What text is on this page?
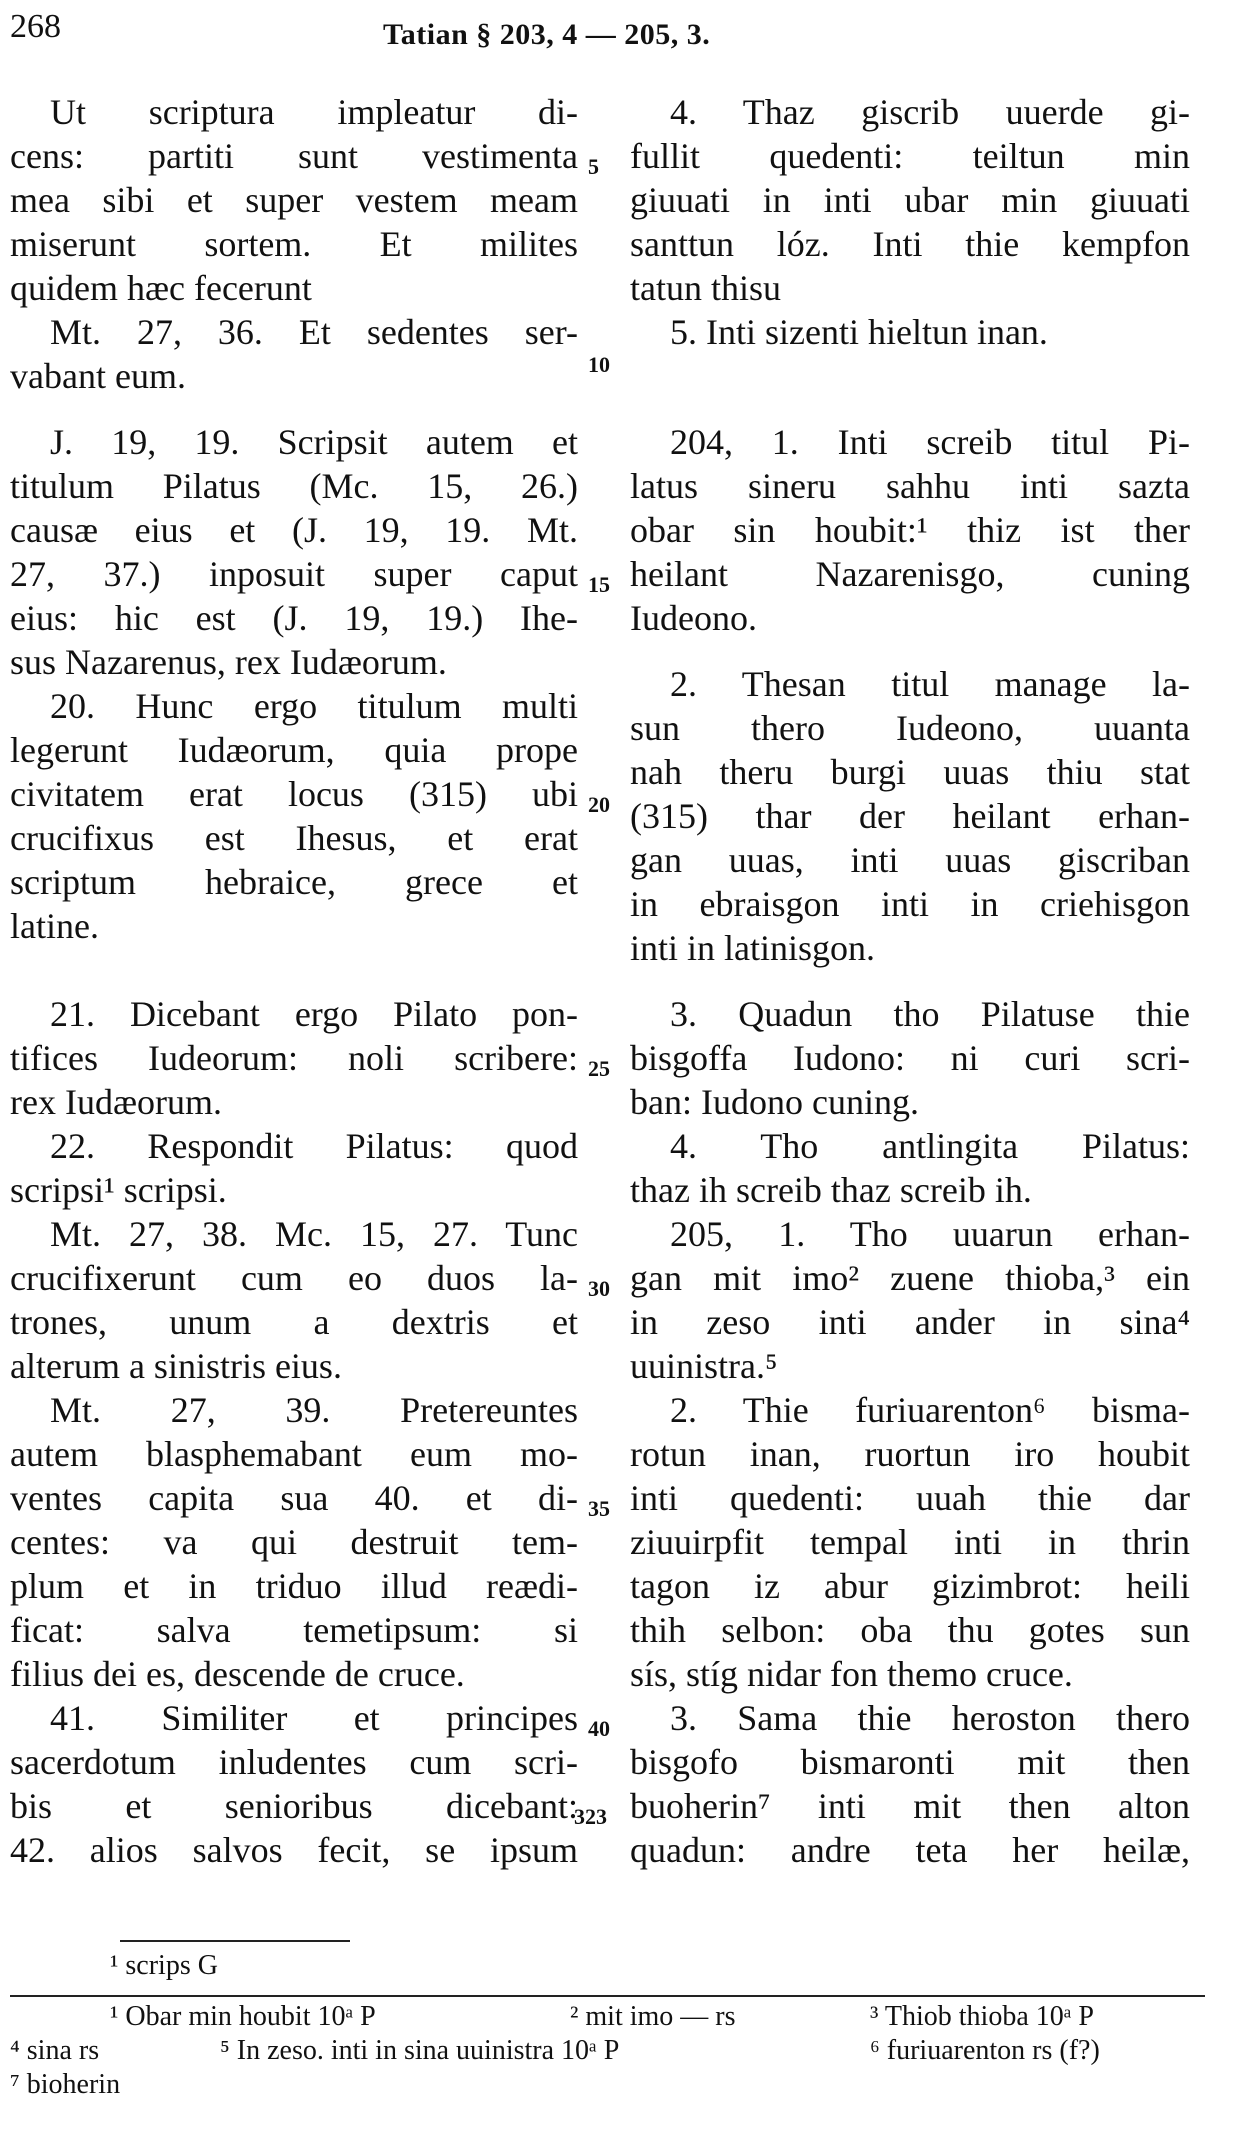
268	Tatian § 203, 4 — 205, 3.
Ut scriptura impleatur di-
cens: partiti sunt vestimenta
mea sibi et super vestem meam
miserunt sortem. Et milites
quidem hæc fecerunt
Mt. 27, 36. Et sedentes ser-
vabant eum.
J. 19, 19. Scripsit autem et
titulum Pilatus (Mc. 15, 26.)
causæ eius et (J. 19, 19. Mt.
27, 37.) inposuit super caput
eius: hic est (J. 19, 19.) Ihe-
sus Nazarenus, rex Iudæorum.
20. Hunc ergo titulum multi
legerunt Iudæorum, quia prope
civitatem erat locus (315) ubi
crucifixus est Ihesus, et erat
scriptum hebraice, grece et
latine.
21. Dicebant ergo Pilato pon-
tifices Iudeorum: noli scribere:
rex Iudæorum.
22. Respondit Pilatus: quod
scripsi¹ scripsi.
Mt. 27, 38. Mc. 15, 27. Tunc
crucifixerunt cum eo duos la-
trones, unum a dextris et
alterum a sinistris eius.
Mt. 27, 39. Pretereuntes
autem blasphemabant eum mo-
ventes capita sua 40. et di-
centes: va qui destruit tem-
plum et in triduo illud reædi-
ficat: salva temetipsum: si
filius dei es, descende de cruce.
41. Similiter et principes
sacerdotum inludentes cum scri-
bis et senioribus dicebant:
42. alios salvos fecit, se ipsum
5
10
15
20
25
30
35
40
323
4. Thaz giscrib uuerde gi-
fullit quedenti: teiltun min
giuuati in inti ubar min giuuati
santtun lóz. Inti thie kempfon
tatun thisu
5. Inti sizenti hieltun inan.
204, 1. Inti screib titul Pi-
latus sineru sahhu inti sazta
obar sin houbit:¹ thiz ist ther
heilant Nazarenisgo, cuning
Iudeono.
2. Thesan titul managе la-
sun thero Iudeono, uuanta
nah theru burgi uuas thiu stat
(315) thar der heilant erhan-
gan uuas, inti uuas giscriban
in ebraisgon inti in criehisgon
inti in latinisgon.
3. Quadun tho Pilatuse thie
bisgoffa Iudono: ni curi scri-
ban: Iudono cuning.
4. Tho antlingita Pilatus:
thaz ih screib thaz screib ih.
205, 1. Tho uuarun erhan-
gan mit imo² zuene thioba,³ ein
in zeso inti ander in sina⁴
uuinistra.⁵
2. Thie furiuarenton⁶ bisma-
rotun inan, ruortun iro houbit
inti quedenti: uuah thie dar
ziuuirpfit tempal inti in thrin
tagon iz abur gizimbrot: heili
thih selbon: oba thu gotes sun
sís, stíg nidar fon themo cruce.
3. Sama thie heroston thero
bisgofo bismaronti mit then
buoherin⁷ inti mit then alton
quadun: andre teta her heilæ,
¹ scrips G
¹ Obar min houbit 10ᵃ P	² mit imo — rs	³ Thiob thioba 10ᵃ P
⁴ sina rs	⁵ In zeso. inti in sina uuinistra 10ᵃ P	⁶ furiuarenton rs (f?)
⁷ bioherin
